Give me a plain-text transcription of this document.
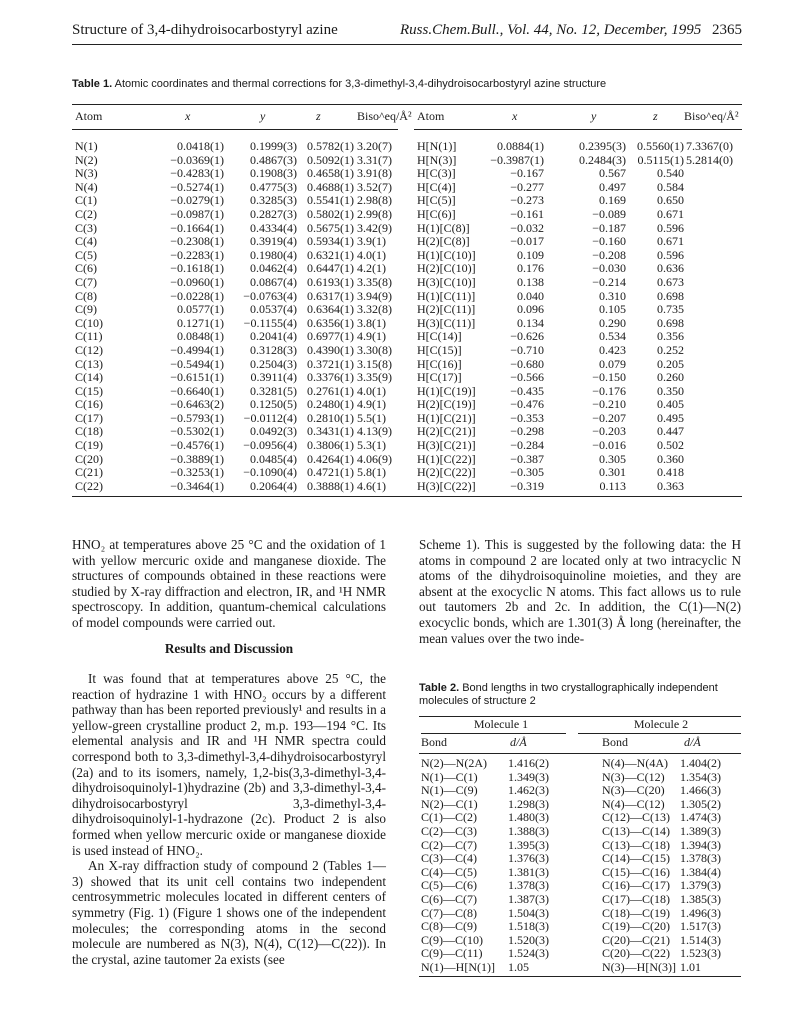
Structure of 3,4-dihydroisocarbostyryl azine	Russ.Chem.Bull., Vol. 44, No. 12, December, 1995 2365
Table 1. Atomic coordinates and thermal corrections for 3,3-dimethyl-3,4-dihydroisocarbostyryl azine structure
Atom	x	y	z	Biso^eq/Å² Atom	x	y	z Biso^eq/Å²
N(1)	0.0418(1) 0.1999(3) 0.5782(1) 3.20(7)
N(2)	−0.0369(1) 0.4867(3) 0.5092(1) 3.31(7)
N(3)	−0.4283(1) 0.1908(3) 0.4658(1) 3.91(8)
N(4)	−0.5274(1) 0.4775(3) 0.4688(1) 3.52(7)
C(1)	−0.0279(1) 0.3285(3) 0.5541(1) 2.98(8)
C(2)	−0.0987(1) 0.2827(3) 0.5802(1) 2.99(8)
C(3)	−0.1664(1) 0.4334(4) 0.5675(1) 3.42(9)
C(4)	−0.2308(1) 0.3919(4) 0.5934(1) 3.9(1)
C(5)	−0.2283(1) 0.1980(4) 0.6321(1) 4.0(1)
C(6)	−0.1618(1) 0.0462(4) 0.6447(1) 4.2(1)
C(7)	−0.0960(1) 0.0867(4) 0.6193(1) 3.35(8)
C(8)	−0.0228(1) −0.0763(4) 0.6317(1) 3.94(9)
C(9)	0.0577(1) 0.0537(4) 0.6364(1) 3.32(8)
C(10)	0.1271(1) −0.1155(4) 0.6356(1) 3.8(1)
C(11)	0.0848(1) 0.2041(4) 0.6977(1) 4.9(1)
C(12)	−0.4994(1) 0.3128(3) 0.4390(1) 3.30(8)
C(13)	−0.5494(1) 0.2504(3) 0.3721(1) 3.15(8)
C(14)	−0.6151(1) 0.3911(4) 0.3376(1) 3.35(9)
C(15)	−0.6640(1) 0.3281(5) 0.2761(1) 4.0(1)
C(16)	−0.6463(2) 0.1250(5) 0.2480(1) 4.9(1)
C(17)	−0.5793(1) −0.0112(4) 0.2810(1) 5.5(1)
C(18)	−0.5302(1) 0.0492(3) 0.3431(1) 4.13(9)
C(19)	−0.4576(1) −0.0956(4) 0.3806(1) 5.3(1)
C(20)	−0.3889(1) 0.0485(4) 0.4264(1) 4.06(9)
C(21)	−0.3253(1) −0.1090(4) 0.4721(1) 5.8(1)
C(22)	−0.3464(1) 0.2064(4) 0.3888(1) 4.6(1)
H[N(1)]	0.0884(1)	0.2395(3) 0.5560(1) 7.3367(0)
H[N(3)]	−0.3987(1)	0.2484(3) 0.5115(1) 5.2814(0)
H[C(3)]	−0.167	0.567	0.540
H[C(4)]	−0.277	0.497	0.584
H[C(5)]	−0.273	0.169	0.650
H[C(6)]	−0.161	−0.089	0.671
H(1)[C(8)]	−0.032	−0.187	0.596
H(2)[C(8)]	−0.017	−0.160	0.671
H(1)[C(10)]	0.109	−0.208	0.596
H(2)[C(10)]	0.176	−0.030	0.636
H(3)[C(10)]	0.138	−0.214	0.673
H(1)[C(11)]	0.040	0.310	0.698
H(2)[C(11)]	0.096	0.105	0.735
H(3)[C(11)]	0.134	0.290	0.698
H[C(14)]	−0.626	0.534	0.356
H[C(15)]	−0.710	0.423	0.252
H[C(16)]	−0.680	0.079	0.205
H[C(17)]	−0.566	−0.150	0.260
H(1)[C(19)]	−0.435	−0.176	0.350
H(2)[C(19)]	−0.476	−0.210	0.405
H(1)[C(21)]	−0.353	−0.207	0.495
H(2)[C(21)]	−0.298	−0.203	0.447
H(3)[C(21)]	−0.284	−0.016	0.502
H(1)[C(22)]	−0.387	0.305	0.360
H(2)[C(22)]	−0.305	0.301	0.418
H(3)[C(22)]	−0.319	0.113	0.363

HNO₂ at temperatures above 25 °C and the oxidation of 1 with yellow mercuric oxide and manganese dioxide. The structures of compounds obtained in these reactions were studied by X-ray diffraction and electron, IR, and ¹H NMR spectroscopy. In addition, quantum-chemical calculations of model compounds were carried out.

Results and Discussion

It was found that at temperatures above 25 °C, the reaction of hydrazine 1 with HNO₂ occurs by a different pathway than has been reported previously¹ and results in a yellow-green crystalline product 2, m.p. 193—194 °C. Its elemental analysis and IR and ¹H NMR spectra could correspond both to 3,3-dimethyl-3,4-dihydroisocarbostyryl (2a) and to its isomers, namely, 1,2-bis(3,3-dimethyl-3,4-dihydroisoquinolyl-1)hydrazine (2b) and 3,3-dimethyl-3,4-dihydroisocarbostyryl 3,3-dimethyl-3,4-dihydroisoquinolyl-1-hydrazone (2c). Product 2 is also formed when yellow mercuric oxide or manganese dioxide is used instead of HNO₂.

An X-ray diffraction study of compound 2 (Tables 1—3) showed that its unit cell contains two independent centrosymmetric molecules located in different centers of symmetry (Fig. 1) (Figure 1 shows one of the independent molecules; the corresponding atoms in the second molecule are numbered as N(3), N(4), C(12)—C(22)). In the crystal, azine tautomer 2a exists (see

Scheme 1). This is suggested by the following data: the H atoms in compound 2 are located only at two intracyclic N atoms of the dihydroisoquinoline moieties, and they are absent at the exocyclic N atoms. This fact allows us to rule out tautomers 2b and 2c. In addition, the C(1)—N(2) exocyclic bonds, which are 1.301(3) Å long (hereinafter, the mean values over the two inde-

Table 2. Bond lengths in two crystallographically independent molecules of structure 2
Molecule 1	Molecule 2
Bond	d/Å	Bond	d/Å
N(2)—N(2A) 1.416(2)	N(4)—N(4A) 1.404(2)
N(1)—C(1)	1.349(3)	N(3)—C(12) 1.354(3)
N(1)—C(9)	1.462(3)	N(3)—C(20) 1.466(3)
N(2)—C(1)	1.298(3)	N(4)—C(12) 1.305(2)
C(1)—C(2)	1.480(3)	C(12)—C(13) 1.474(3)
C(2)—C(3)	1.388(3)	C(13)—C(14) 1.389(3)
C(2)—C(7)	1.395(3)	C(13)—C(18) 1.394(3)
C(3)—C(4)	1.376(3)	C(14)—C(15) 1.378(3)
C(4)—C(5)	1.381(3)	C(15)—C(16) 1.384(4)
C(5)—C(6)	1.378(3)	C(16)—C(17) 1.379(3)
C(6)—C(7)	1.387(3)	C(17)—C(18) 1.385(3)
C(7)—C(8)	1.504(3)	C(18)—C(19) 1.496(3)
C(8)—C(9)	1.518(3)	C(19)—C(20) 1.517(3)
C(9)—C(10) 1.520(3)	C(20)—C(21) 1.514(3)
C(9)—C(11) 1.524(3)	C(20)—C(22) 1.523(3)
N(1)—H[N(1)] 1.05	N(3)—H[N(3)] 1.01
